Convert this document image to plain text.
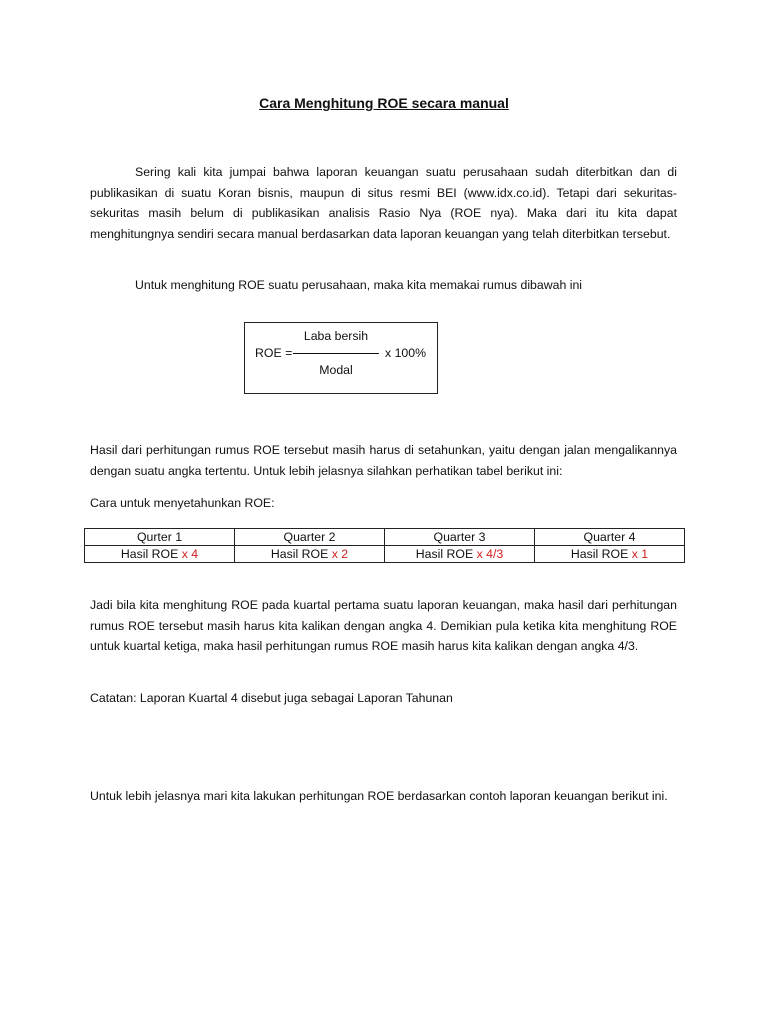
Cara Menghitung ROE secara manual

Sering kali kita jumpai bahwa laporan keuangan suatu perusahaan sudah diterbitkan dan di publikasikan di suatu Koran bisnis, maupun di situs resmi BEI (www.idx.co.id). Tetapi dari sekuritas-sekuritas masih belum di publikasikan analisis Rasio Nya (ROE nya). Maka dari itu kita dapat menghitungnya sendiri secara manual berdasarkan data laporan keuangan yang telah diterbitkan tersebut.

Untuk menghitung ROE suatu perusahaan, maka kita memakai rumus dibawah ini

ROE =
Laba bersih
Modal
x 100%

Hasil dari perhitungan rumus ROE tersebut masih harus di setahunkan, yaitu dengan jalan mengalikannya dengan suatu angka tertentu. Untuk lebih jelasnya silahkan perhatikan tabel berikut ini:

Cara untuk menyetahunkan ROE:

Qurter 1	Quarter 2	Quarter 3	Quarter 4
Hasil ROE x 4	Hasil ROE x 2	Hasil ROE x 4/3	Hasil ROE x 1

Jadi bila kita menghitung ROE pada kuartal pertama suatu laporan keuangan, maka hasil dari perhitungan rumus ROE tersebut masih harus kita kalikan dengan angka 4. Demikian pula ketika kita menghitung ROE untuk kuartal ketiga, maka hasil perhitungan rumus ROE masih harus kita kalikan dengan angka 4/3.

Catatan: Laporan Kuartal 4 disebut juga sebagai Laporan Tahunan

Untuk lebih jelasnya mari kita lakukan perhitungan ROE berdasarkan contoh laporan keuangan berikut ini.
